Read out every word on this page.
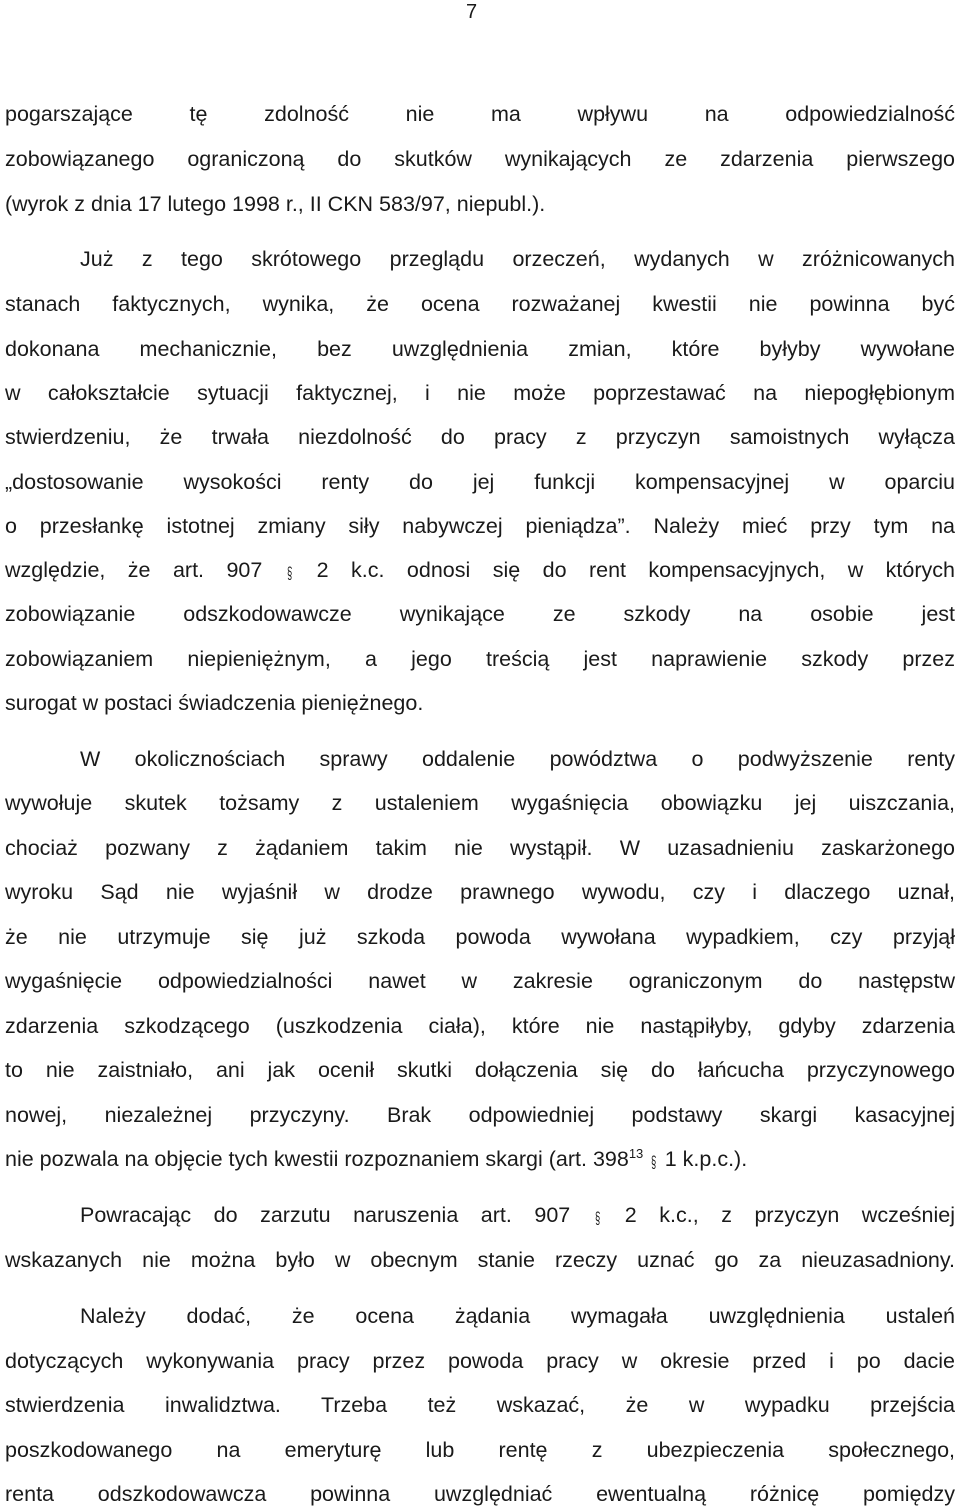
7
pogarszające tę zdolność nie ma wpływu na odpowiedzialność
zobowiązanego ograniczoną do skutków wynikających ze zdarzenia pierwszego
(wyrok z dnia 17 lutego 1998 r., II CKN 583/97, niepubl.).
Już z tego skrótowego przeglądu orzeczeń, wydanych w zróżnicowanych
stanach faktycznych, wynika, że ocena rozważanej kwestii nie powinna być
dokonana mechanicznie, bez uwzględnienia zmian, które byłyby wywołane
w całokształcie sytuacji faktycznej, i nie może poprzestawać na niepogłębionym
stwierdzeniu, że trwała niezdolność do pracy z przyczyn samoistnych wyłącza
„dostosowanie wysokości renty do jej funkcji kompensacyjnej w oparciu
o przesłankę istotnej zmiany siły nabywczej pieniądza”. Należy mieć przy tym na
względzie, że art. 907 § 2 k.c. odnosi się do rent kompensacyjnych, w których
zobowiązanie odszkodowawcze wynikające ze szkody na osobie jest
zobowiązaniem niepieniężnym, a jego treścią jest naprawienie szkody przez
surogat w postaci świadczenia pieniężnego.
W okolicznościach sprawy oddalenie powództwa o podwyższenie renty
wywołuje skutek tożsamy z ustaleniem wygaśnięcia obowiązku jej uiszczania,
chociaż pozwany z żądaniem takim nie wystąpił. W uzasadnieniu zaskarżonego
wyroku Sąd nie wyjaśnił w drodze prawnego wywodu, czy i dlaczego uznał,
że nie utrzymuje się już szkoda powoda wywołana wypadkiem, czy przyjął
wygaśnięcie odpowiedzialności nawet w zakresie ograniczonym do następstw
zdarzenia szkodzącego (uszkodzenia ciała), które nie nastąpiłyby, gdyby zdarzenia
to nie zaistniało, ani jak ocenił skutki dołączenia się do łańcucha przyczynowego
nowej, niezależnej przyczyny. Brak odpowiedniej podstawy skargi kasacyjnej
nie pozwala na objęcie tych kwestii rozpoznaniem skargi (art. $398^{13}$ § 1 k.p.c.).
Powracając do zarzutu naruszenia art. 907 § 2 k.c., z przyczyn wcześniej
wskazanych nie można było w obecnym stanie rzeczy uznać go za nieuzasadniony.
Należy dodać, że ocena żądania wymagała uwzględnienia ustaleń
dotyczących wykonywania pracy przez powoda pracy w okresie przed i po dacie
stwierdzenia inwalidztwa. Trzeba też wskazać, że w wypadku przejścia
poszkodowanego na emeryturę lub rentę z ubezpieczenia społecznego,
renta odszkodowawcza powinna uwzględniać ewentualną różnicę pomiędzy
